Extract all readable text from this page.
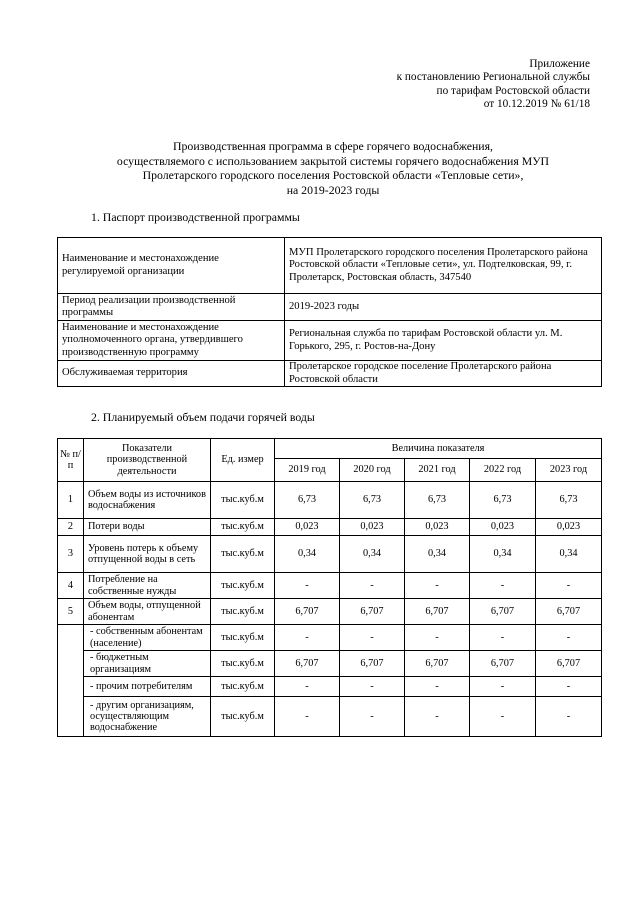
Приложение
к постановлению Региональной службы
по тарифам Ростовской области
от 10.12.2019 № 61/18
Производственная программа в сфере горячего водоснабжения,
осуществляемого с использованием закрытой системы горячего водоснабжения МУП
Пролетарского городского поселения Ростовской области «Тепловые сети»,
на 2019-2023 годы
1. Паспорт производственной программы
Наименование и местонахождение регулируемой организации	МУП Пролетарского городского поселения Пролетарского района Ростовской области «Тепловые сети», ул. Подтелковская, 99, г. Пролетарск, Ростовская область, 347540
Период реализации производственной программы	2019-2023 годы
Наименование и местонахождение уполномоченного органа, утвердившего производственную программу	Региональная служба по тарифам Ростовской области ул. М. Горького, 295, г. Ростов-на-Дону
Обслуживаемая территория	Пролетарское городское поселение Пролетарского района Ростовской области
2. Планируемый объем подачи горячей воды
№ п/п	Показатели производственной деятельности	Ед. измер	Величина показателя				
			2019 год	2020 год	2021 год	2022 год	2023 год
1	Объем воды из источников водоснабжения	тыс.куб.м	6,73	6,73	6,73	6,73	6,73
2	Потери воды	тыс.куб.м	0,023	0,023	0,023	0,023	0,023
3	Уровень потерь к объему отпущенной воды в сеть	тыс.куб.м	0,34	0,34	0,34	0,34	0,34
4	Потребление на собственные нужды	тыс.куб.м	-	-	-	-	-
5	Объем воды, отпущенной абонентам	тыс.куб.м	6,707	6,707	6,707	6,707	6,707
	- собственным абонентам (население)	тыс.куб.м	-	-	-	-	-
	- бюджетным организациям	тыс.куб.м	6,707	6,707	6,707	6,707	6,707
	- прочим потребителям	тыс.куб.м	-	-	-	-	-
	- другим организациям, осуществляющим водоснабжение	тыс.куб.м	-	-	-	-	-
